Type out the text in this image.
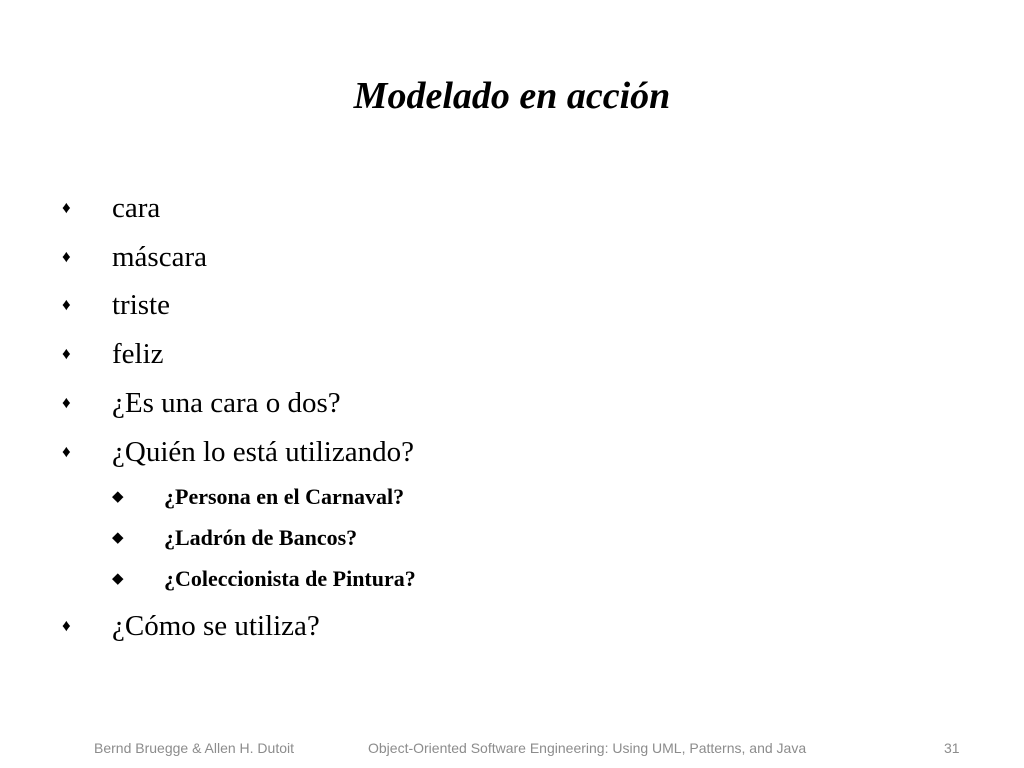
Modelado en acción
♦ cara
♦ máscara
♦ triste
♦ feliz
♦ ¿Es una cara o dos?
♦ ¿Quién lo está utilizando?
◆ ¿Persona en el Carnaval?
◆ ¿Ladrón de Bancos?
◆ ¿Coleccionista de Pintura?
♦ ¿Cómo se utiliza?
Bernd Bruegge & Allen H. Dutoit	Object-Oriented Software Engineering: Using UML, Patterns, and Java	31
